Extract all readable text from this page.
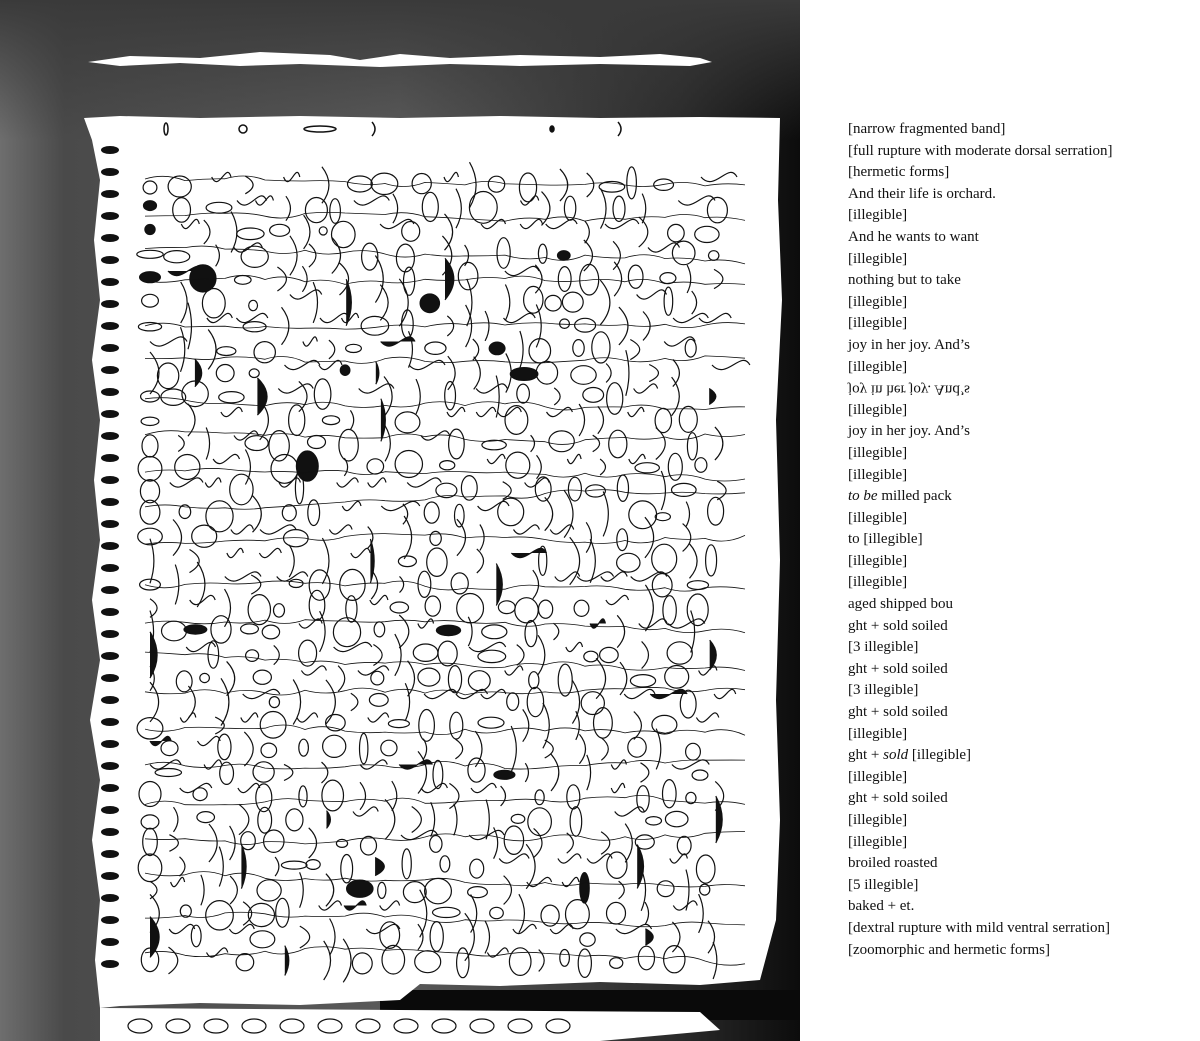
[narrow fragmented band]
[full rupture with moderate dorsal serration]
[hermetic forms]
And their life is orchard.
[illegible]
And he wants to want
[illegible]
nothing but to take
[illegible]
[illegible]
joy in her joy. And’s
[illegible]
joy in her joy. And’s
[illegible]
joy in her joy. And’s
[illegible]
[illegible]
to be milled pack
[illegible]
to [illegible]
[illegible]
[illegible]
aged shipped bou
ght + sold soiled
[3 illegible]
ght + sold soiled
[3 illegible]
ght + sold soiled
[illegible]
ght + sold [illegible]
[illegible]
ght + sold soiled
[illegible]
[illegible]
broiled roasted
[5 illegible]
baked + et.
[dextral rupture with mild ventral serration]
[zoomorphic and hermetic forms]
